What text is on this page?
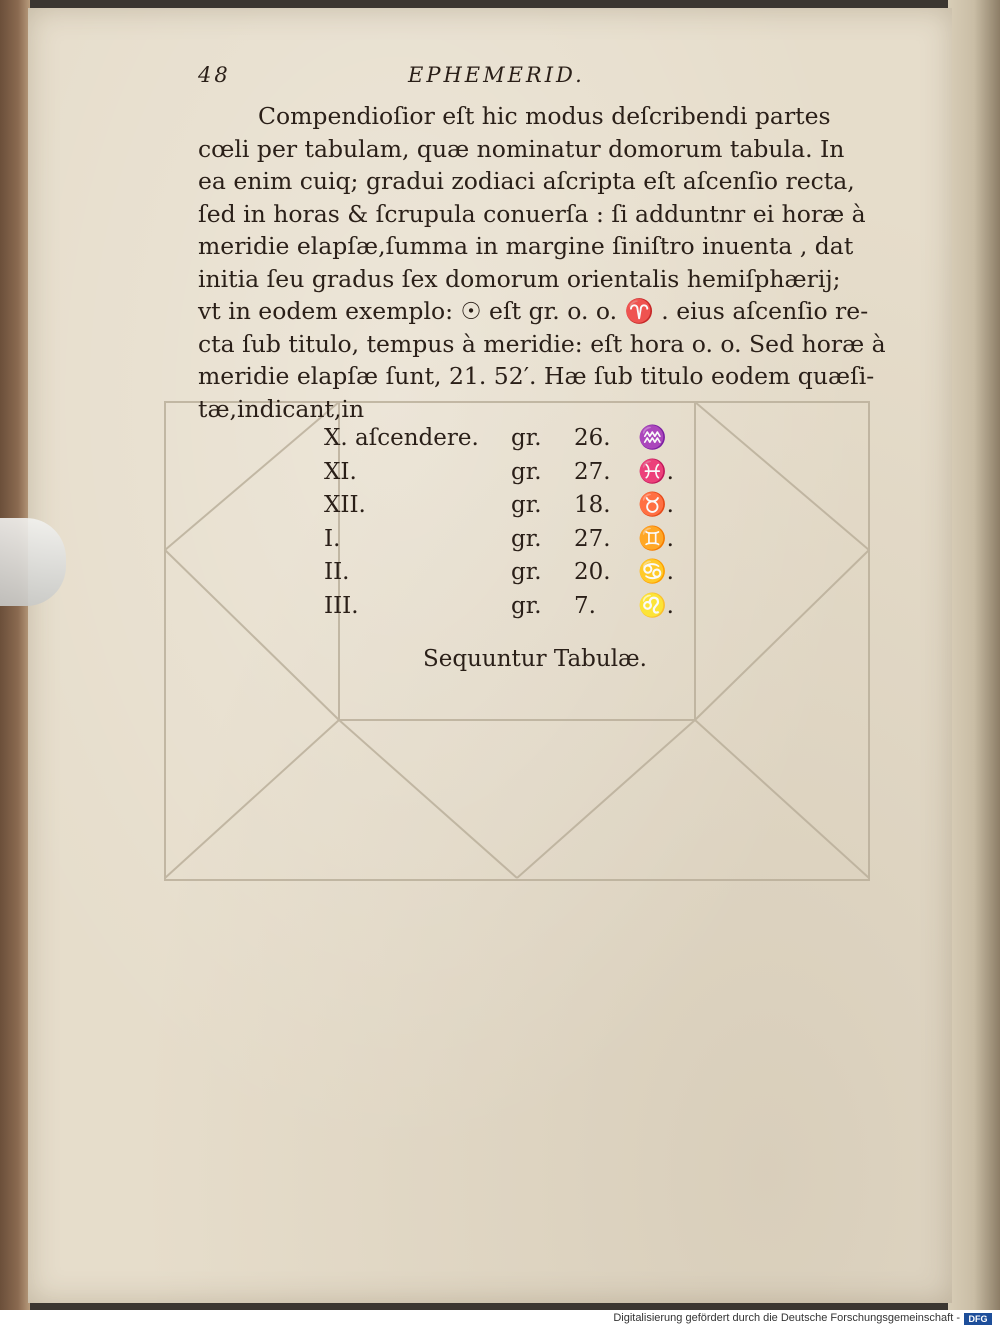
48	EPHEMERID.
Compendioſior eſt hic modus deſcribendi partes
cœli per tabulam, quæ nominatur domorum tabula. In
ea enim cuiq; gradui zodiaci aſcripta eſt aſcenſio recta,
ſed in horas & ſcrupula conuerſa : ſi adduntnr ei horæ à
meridie elapſæ,ſumma in margine ſiniſtro inuenta , dat
initia ſeu gradus ſex domorum orientalis hemiſphærij;
vt in eodem exemplo: ☉ eſt gr. o. o. ♈ . eius aſcenſio re-
cta ſub titulo, tempus à meridie: eſt hora o. o. Sed horæ à
meridie elapſæ ſunt, 21. 52′. Hæ ſub titulo eodem quæſi-
tæ,indicant,in
X. aſcendere. gr. 26. ♒
XI.	gr. 27. ♓.
XII.	gr. 18. ♉.
I.	gr. 27. ♊.
II.	gr. 20. ♋.
III.	gr. 7. ♌.
Sequuntur Tabulæ.
Digitalisierung gefördert durch die Deutsche Forschungsgemeinschaft - DFG
